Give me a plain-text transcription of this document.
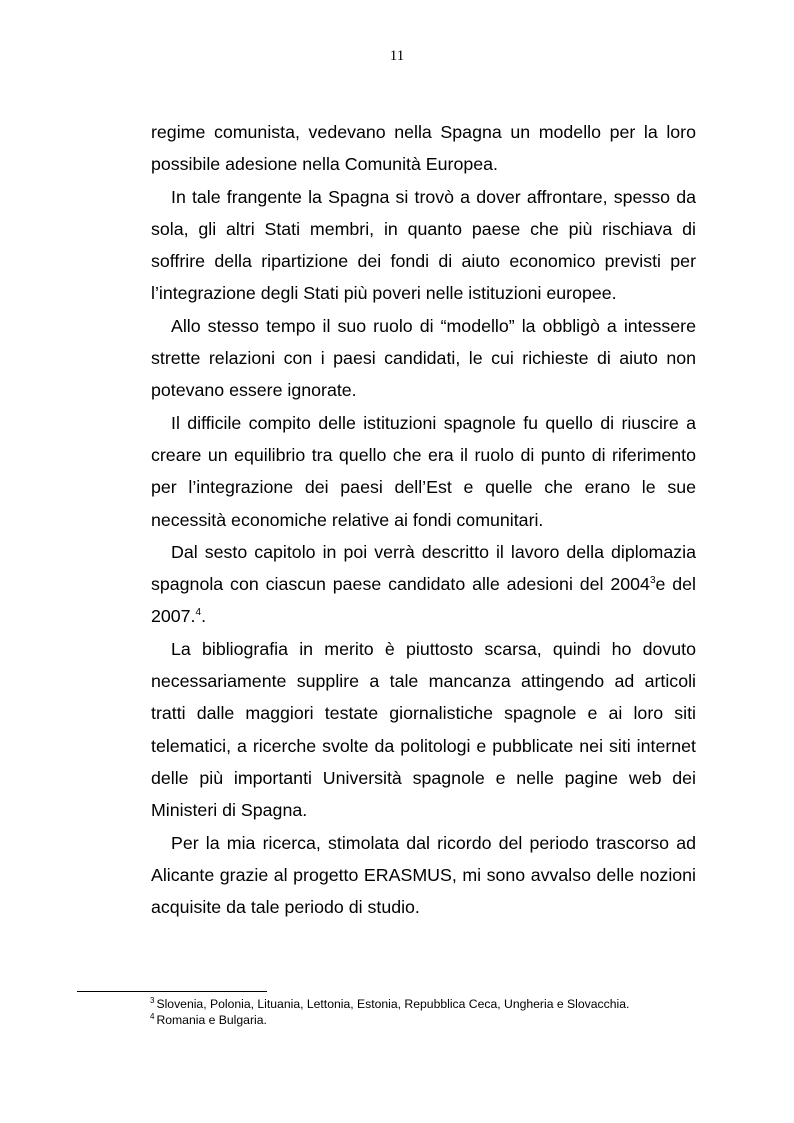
11

regime comunista, vedevano nella Spagna un modello per la loro possibile adesione nella Comunità Europea.

In tale frangente la Spagna si trovò a dover affrontare, spesso da sola, gli altri Stati membri, in quanto paese che più rischiava di soffrire della ripartizione dei fondi di aiuto economico previsti per l’integrazione degli Stati più poveri nelle istituzioni europee.

Allo stesso tempo il suo ruolo di “modello” la obbligò a intessere strette relazioni con i paesi candidati, le cui richieste di aiuto non potevano essere ignorate.

Il difficile compito delle istituzioni spagnole fu quello di riuscire a creare un equilibrio tra quello che era il ruolo di punto di riferimento per l’integrazione dei paesi dell’Est e quelle che erano le sue necessità economiche relative ai fondi comunitari.

Dal sesto capitolo in poi verrà descritto il lavoro della diplomazia spagnola con ciascun paese candidato alle adesioni del 2004$^3$e del 2007.$^4$.

La bibliografia in merito è piuttosto scarsa, quindi ho dovuto necessariamente supplire a tale mancanza attingendo ad articoli tratti dalle maggiori testate giornalistiche spagnole e ai loro siti telematici, a ricerche svolte da politologi e pubblicate nei siti internet delle più importanti Università spagnole e nelle pagine web dei Ministeri di Spagna.

Per la mia ricerca, stimolata dal ricordo del periodo trascorso ad Alicante grazie al progetto ERASMUS, mi sono avvalso delle nozioni acquisite da tale periodo di studio.

$^3$ Slovenia, Polonia, Lituania, Lettonia, Estonia, Repubblica Ceca, Ungheria e Slovacchia.

$^4$ Romania e Bulgaria.
